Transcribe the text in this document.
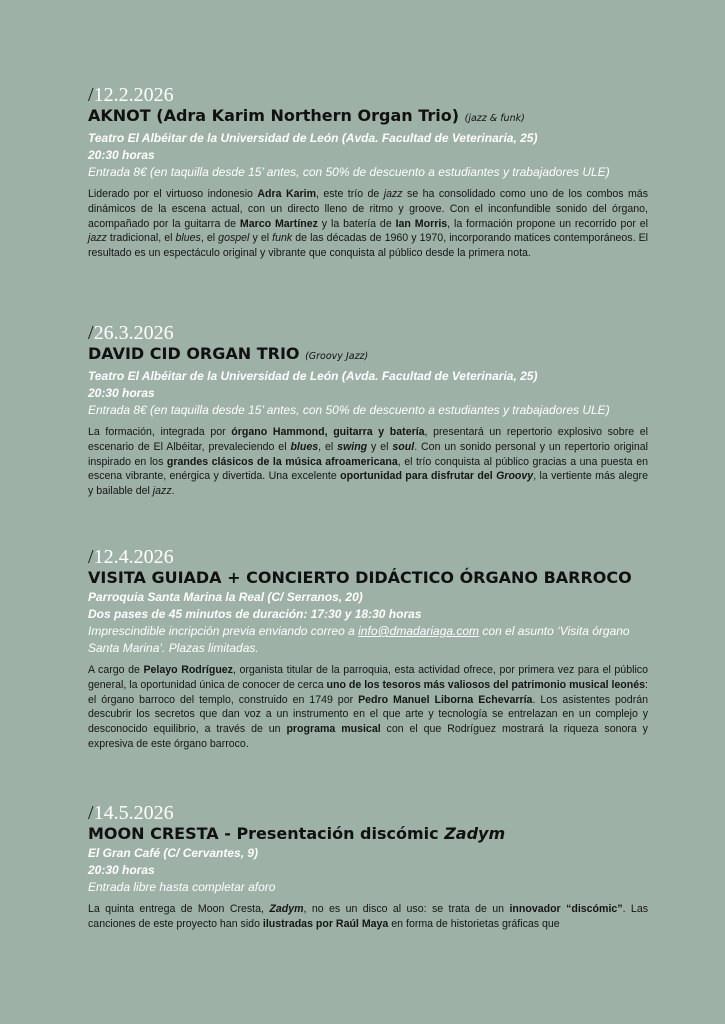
/12.2.2026

AKNOT (Adra Karim Northern Organ Trio) (jazz & funk)

Teatro El Albéitar de la Universidad de León (Avda. Facultad de Veterinaria, 25)

20:30 horas

Entrada 8€ (en taquilla desde 15’ antes, con 50% de descuento a estudiantes y trabajadores ULE)

Liderado por el virtuoso indonesio Adra Karim, este trío de jazz se ha consolidado como uno de los combos más dinámicos de la escena actual, con un directo lleno de ritmo y groove. Con el inconfundible sonido del órgano, acompañado por la guitarra de Marco Martínez y la batería de Ian Morris, la formación propone un recorrido por el jazz tradicional, el blues, el gospel y el funk de las décadas de 1960 y 1970, incorporando matices contemporáneos. El resultado es un espectáculo original y vibrante que conquista al público desde la primera nota.

/26.3.2026

DAVID CID ORGAN TRIO (Groovy Jazz)

Teatro El Albéitar de la Universidad de León (Avda. Facultad de Veterinaria, 25)

20:30 horas

Entrada 8€ (en taquilla desde 15’ antes, con 50% de descuento a estudiantes y trabajadores ULE)

La formación, integrada por órgano Hammond, guitarra y batería, presentará un repertorio explosivo sobre el escenario de El Albéitar, prevaleciendo el blues, el swing y el soul. Con un sonido personal y un repertorio original inspirado en los grandes clásicos de la música afroamericana, el trío conquista al público gracias a una puesta en escena vibrante, enérgica y divertida. Una excelente oportunidad para disfrutar del Groovy, la vertiente más alegre y bailable del jazz.

/12.4.2026

VISITA GUIADA + CONCIERTO DIDÁCTICO ÓRGANO BARROCO

Parroquia Santa Marina la Real (C/ Serranos, 20)

Dos pases de 45 minutos de duración: 17:30 y 18:30 horas

Imprescindible incripción previa enviando correo a info@dmadariaga.com con el asunto ‘Visita órgano Santa Marina’. Plazas limitadas.

A cargo de Pelayo Rodríguez, organista titular de la parroquia, esta actividad ofrece, por primera vez para el público general, la oportunidad única de conocer de cerca uno de los tesoros más valiosos del patrimonio musical leonés: el órgano barroco del templo, construido en 1749 por Pedro Manuel Liborna Echevarría. Los asistentes podrán descubrir los secretos que dan voz a un instrumento en el que arte y tecnología se entrelazan en un complejo y desconocido equilibrio, a través de un programa musical con el que Rodríguez mostrará la riqueza sonora y expresiva de este órgano barroco.

/14.5.2026

MOON CRESTA - Presentación discómic Zadym

El Gran Café (C/ Cervantes, 9)

20:30 horas

Entrada libre hasta completar aforo

La quinta entrega de Moon Cresta, Zadym, no es un disco al uso: se trata de un innovador “discómic”. Las canciones de este proyecto han sido ilustradas por Raúl Maya en forma de historietas gráficas que
